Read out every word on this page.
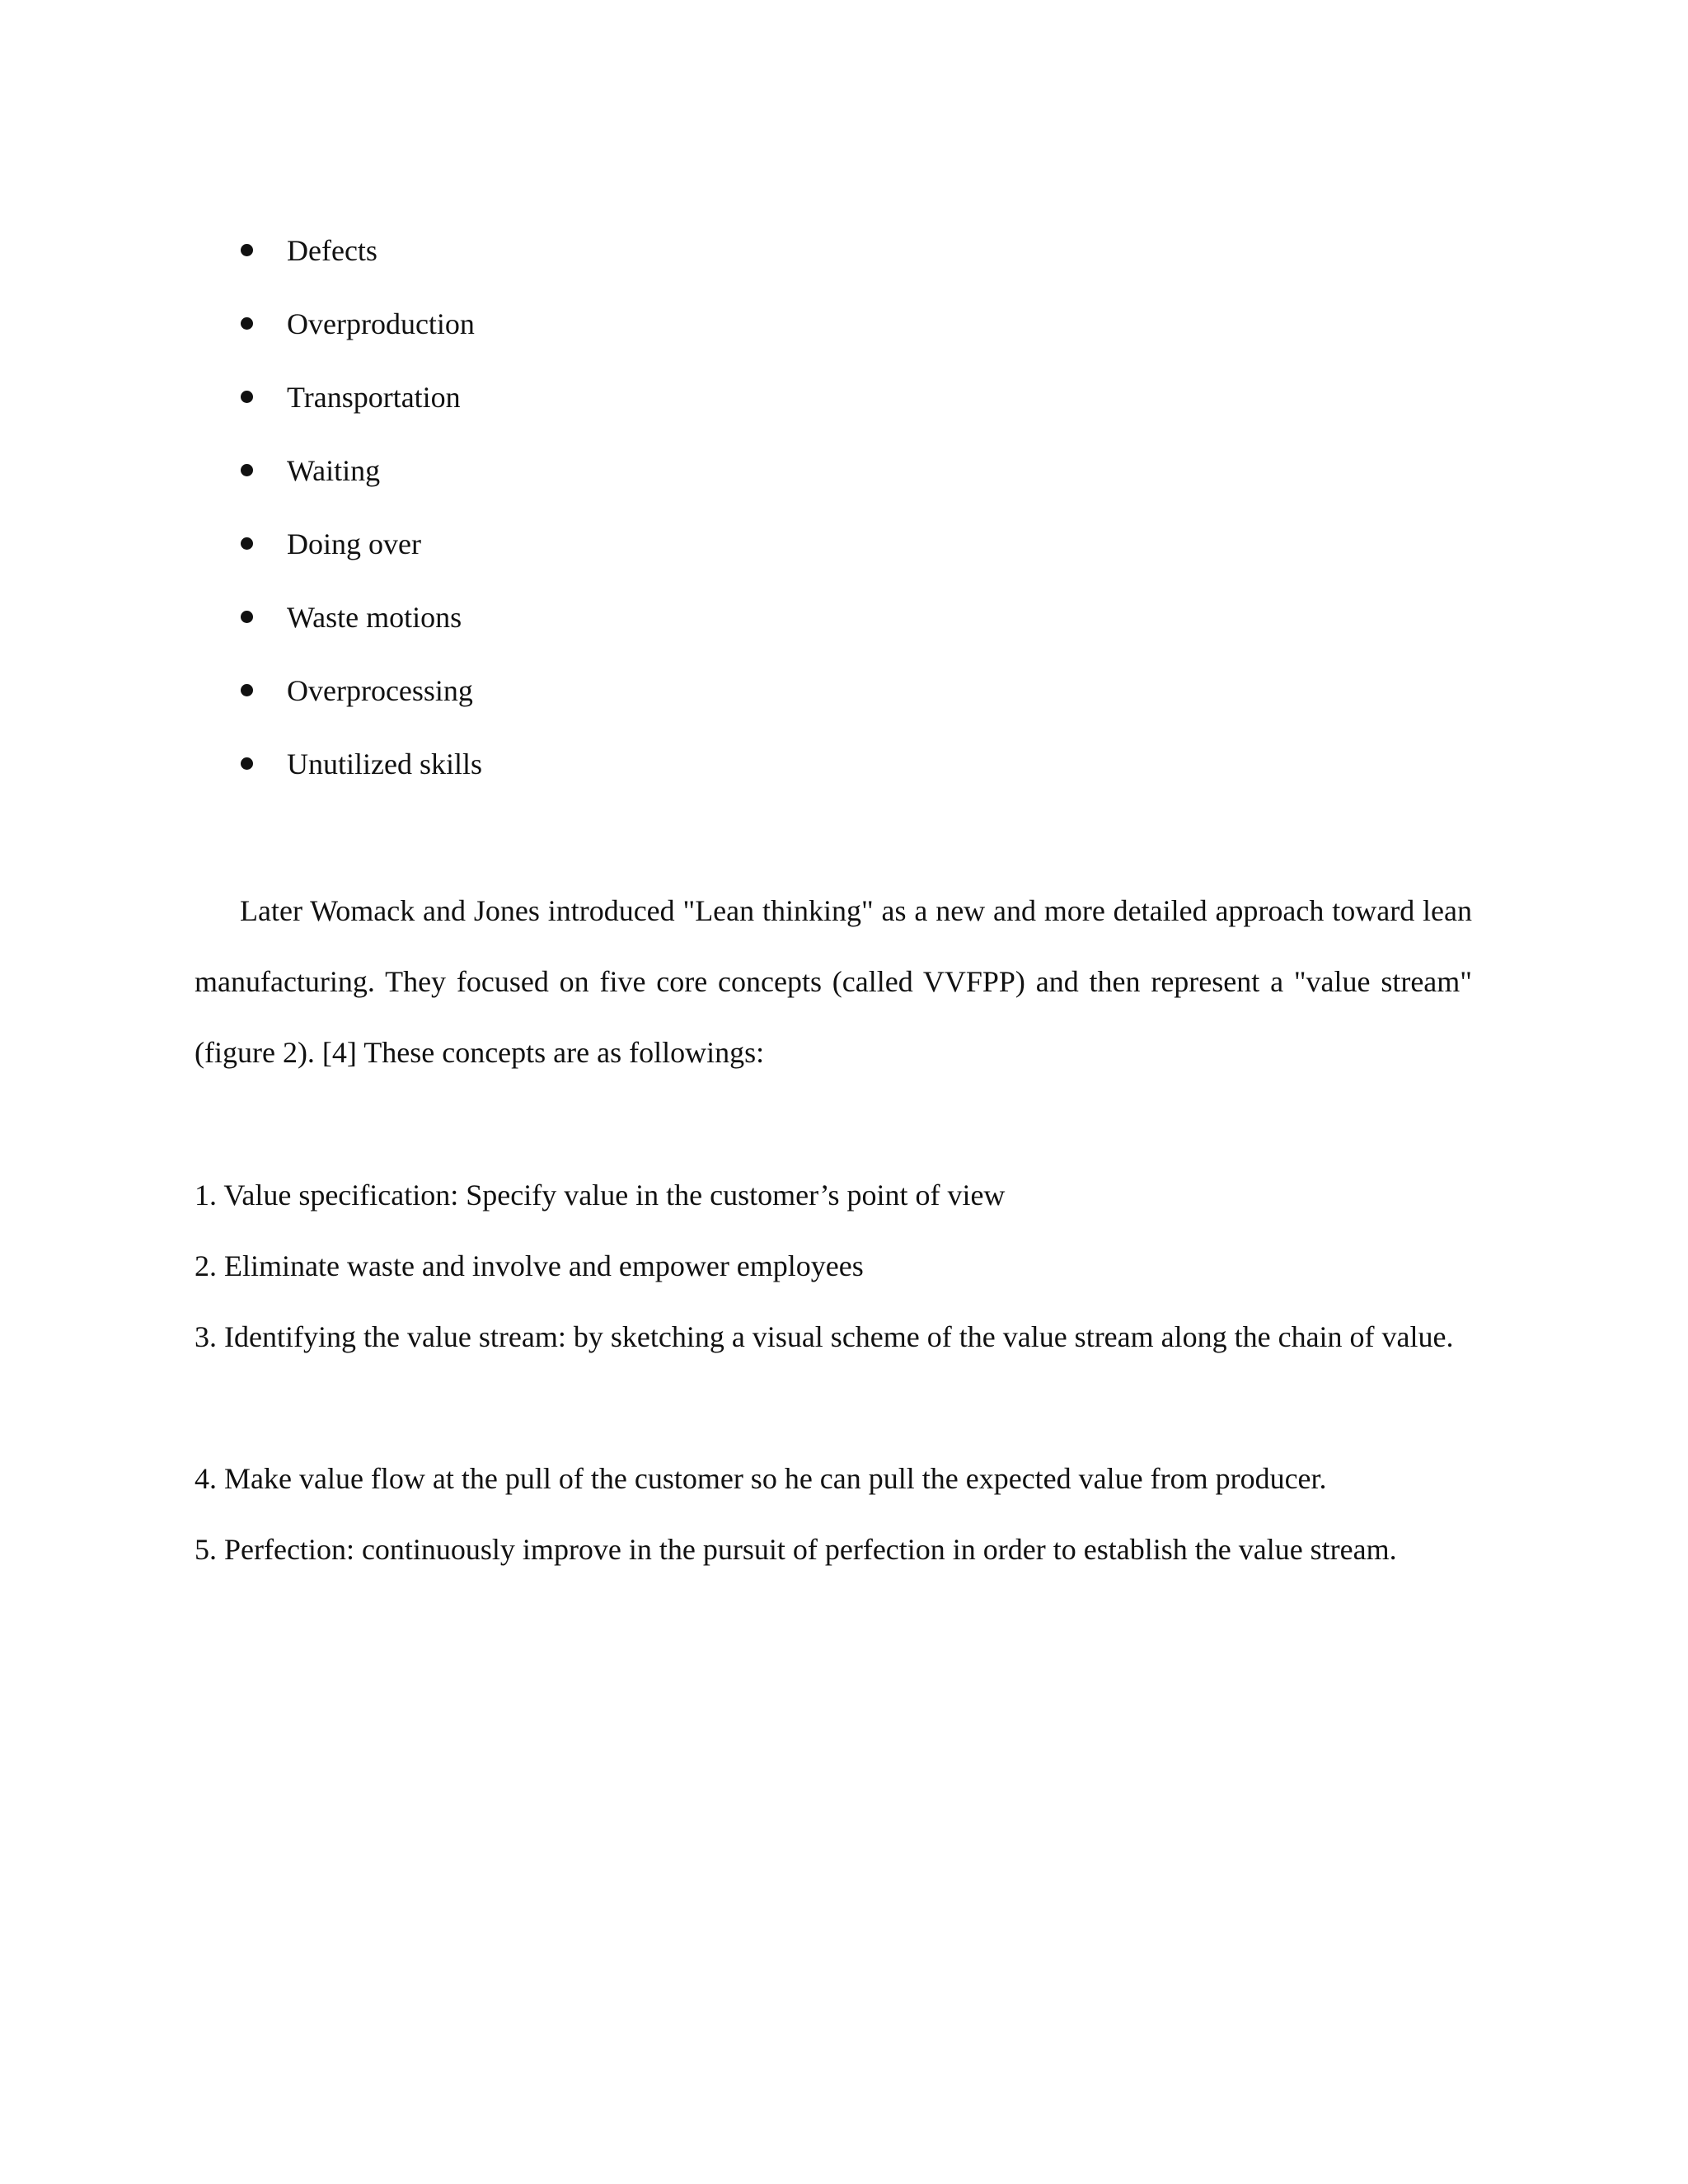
Defects
Overproduction
Transportation
Waiting
Doing over
Waste motions
Overprocessing
Unutilized skills

Later Womack and Jones introduced "Lean thinking" as a new and more detailed approach toward lean manufacturing. They focused on five core concepts (called VVFPP) and then represent a "value stream" (figure 2). [4] These concepts are as followings:

1. Value specification: Specify value in the customer’s point of view

2. Eliminate waste and involve and empower employees

3. Identifying the value stream: by sketching a visual scheme of the value stream along the chain of value.

4. Make value flow at the pull of the customer so he can pull the expected value from producer.

5. Perfection: continuously improve in the pursuit of perfection in order to establish the value stream.
